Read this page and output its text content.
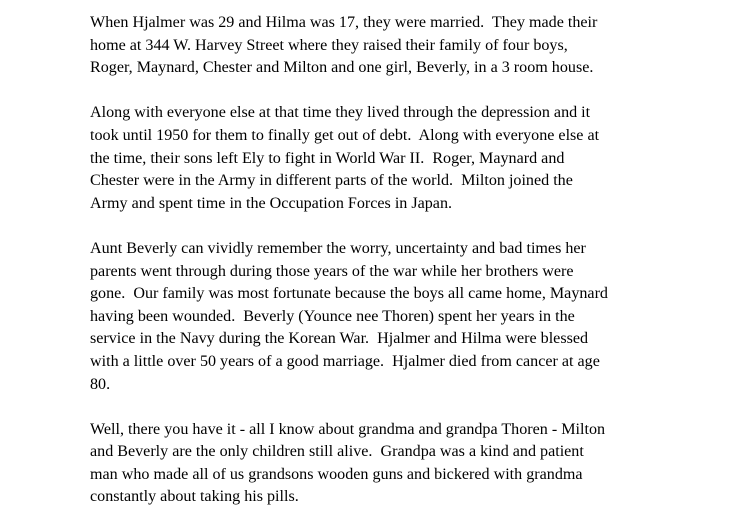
When Hjalmer was 29 and Hilma was 17, they were married.  They made their
home at 344 W. Harvey Street where they raised their family of four boys,
Roger, Maynard, Chester and Milton and one girl, Beverly, in a 3 room house.

Along with everyone else at that time they lived through the depression and it
took until 1950 for them to finally get out of debt.  Along with everyone else at
the time, their sons left Ely to fight in World War II.  Roger, Maynard and
Chester were in the Army in different parts of the world.  Milton joined the
Army and spent time in the Occupation Forces in Japan.

Aunt Beverly can vividly remember the worry, uncertainty and bad times her
parents went through during those years of the war while her brothers were
gone.  Our family was most fortunate because the boys all came home, Maynard
having been wounded.  Beverly (Younce nee Thoren) spent her years in the
service in the Navy during the Korean War.  Hjalmer and Hilma were blessed
with a little over 50 years of a good marriage.  Hjalmer died from cancer at age
80.

Well, there you have it - all I know about grandma and grandpa Thoren - Milton
and Beverly are the only children still alive.  Grandpa was a kind and patient
man who made all of us grandsons wooden guns and bickered with grandma
constantly about taking his pills.
